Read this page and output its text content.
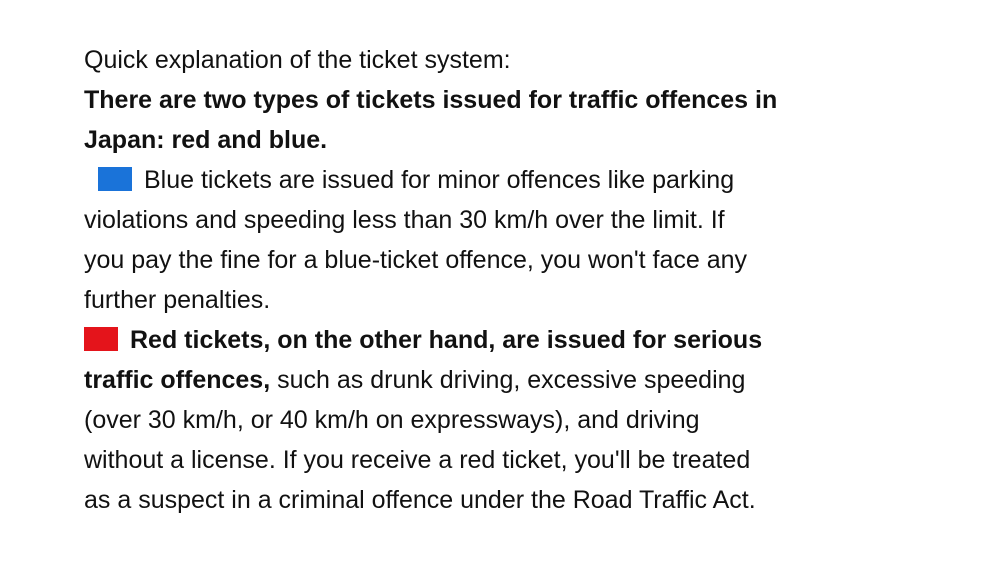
Quick explanation of the ticket system:
There are two types of tickets issued for traffic offences in
Japan: red and blue.
Blue tickets are issued for minor offences like parking
violations and speeding less than 30 km/h over the limit. If
you pay the fine for a blue-ticket offence, you won't face any
further penalties.
Red tickets, on the other hand, are issued for serious
traffic offences, such as drunk driving, excessive speeding
(over 30 km/h, or 40 km/h on expressways), and driving
without a license. If you receive a red ticket, you'll be treated
as a suspect in a criminal offence under the Road Traffic Act.
